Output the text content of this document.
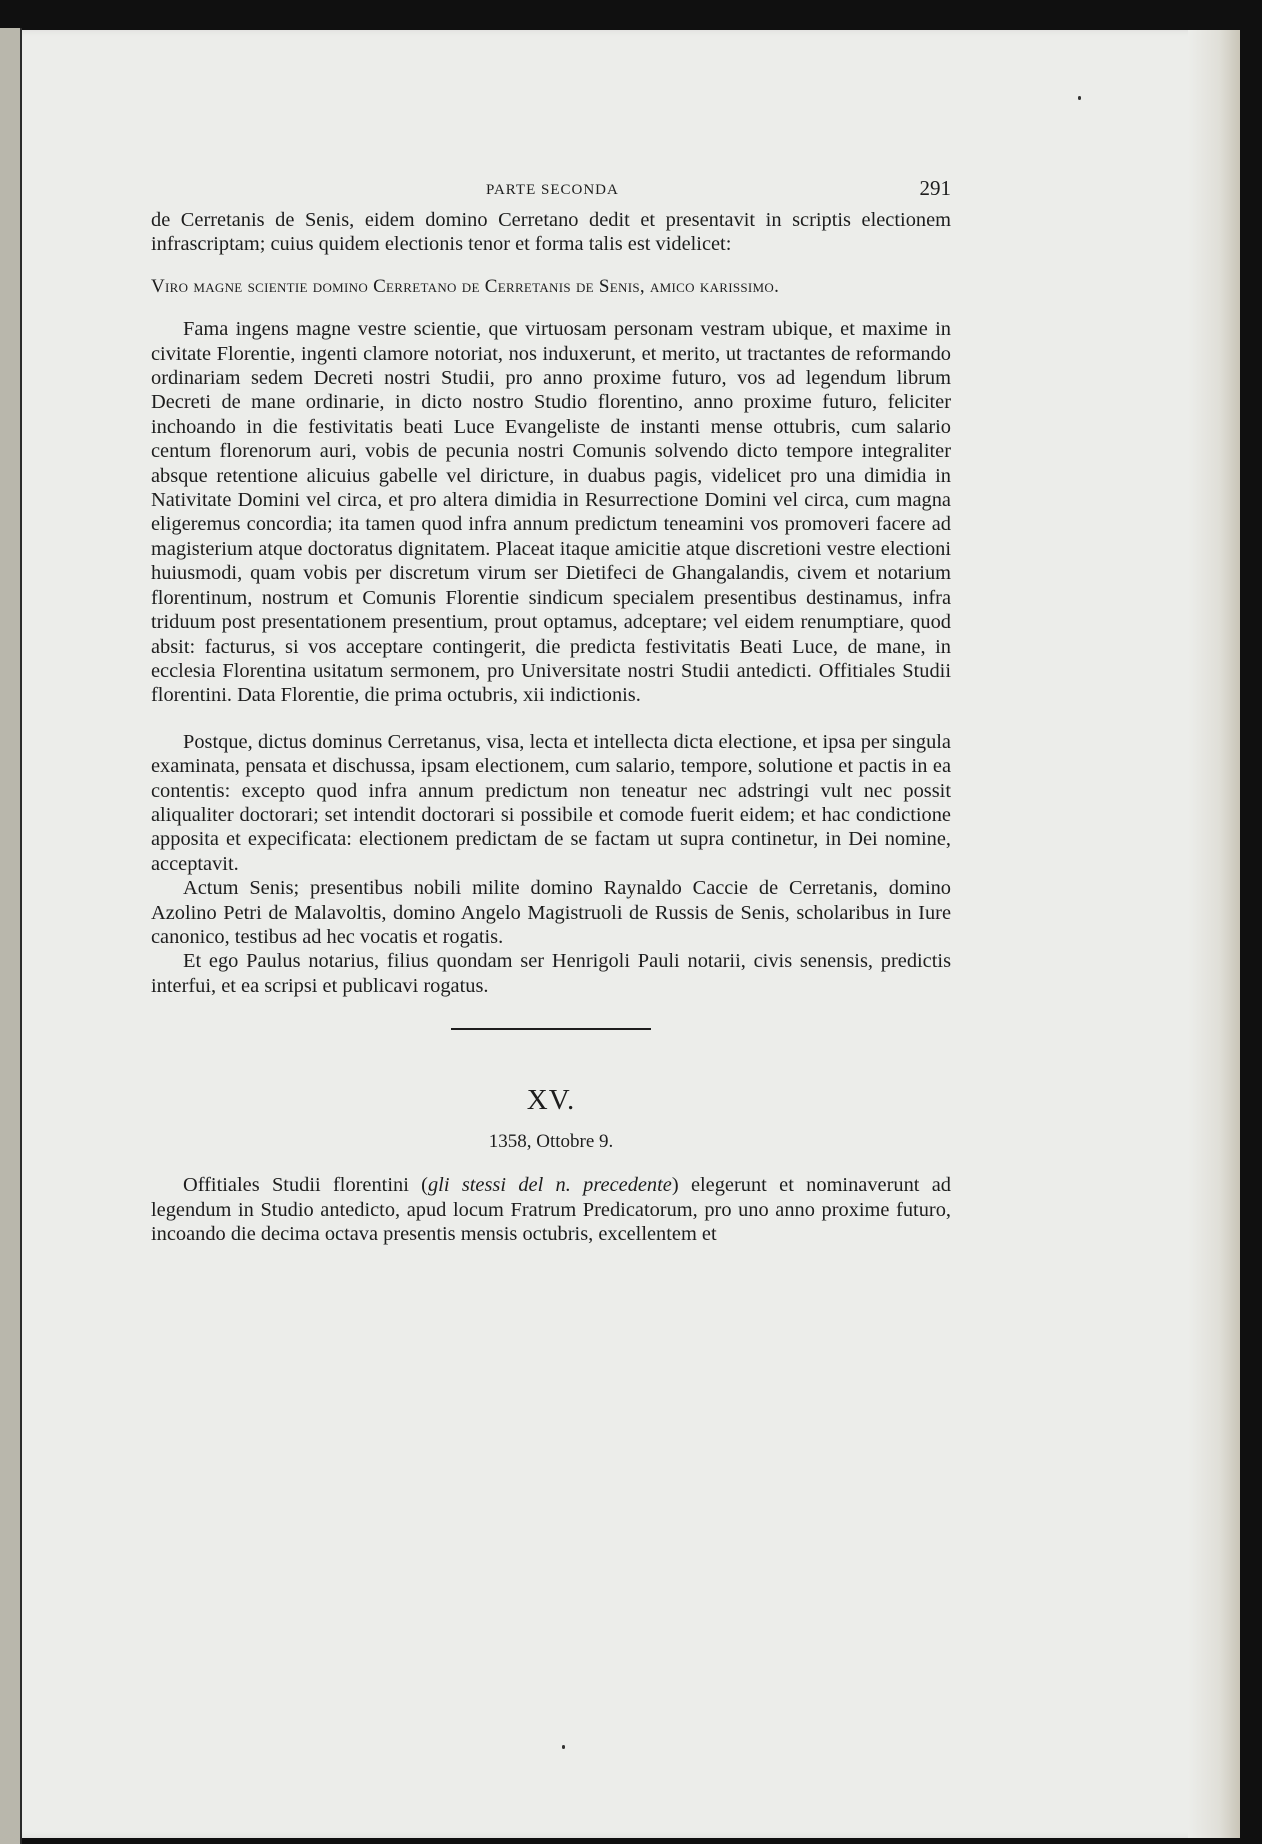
PARTE SECONDA	291

de Cerretanis de Senis, eidem domino Cerretano dedit et presentavit in scriptis electionem infrascriptam; cuius quidem electionis tenor et forma talis est videlicet:

Viro magne scientie domino Cerretano de Cerretanis de Senis, amico karissimo.

Fama ingens magne vestre scientie, que virtuosam personam vestram ubique, et maxime in civitate Florentie, ingenti clamore notoriat, nos induxerunt, et merito, ut tractantes de reformando ordinariam sedem Decreti nostri Studii, pro anno proxime futuro, vos ad legendum librum Decreti de mane ordinarie, in dicto nostro Studio florentino, anno proxime futuro, feliciter inchoando in die festivitatis beati Luce Evangeliste de instanti mense ottubris, cum salario centum florenorum auri, vobis de pecunia nostri Comunis solvendo dicto tempore integraliter absque retentione alicuius gabelle vel diricture, in duabus pagis, videlicet pro una dimidia in Nativitate Domini vel circa, et pro altera dimidia in Resurrectione Domini vel circa, cum magna eligeremus concordia; ita tamen quod infra annum predictum teneamini vos promoveri facere ad magisterium atque doctoratus dignitatem. Placeat itaque amicitie atque discretioni vestre electioni huiusmodi, quam vobis per discretum virum ser Dietifeci de Ghangalandis, civem et notarium florentinum, nostrum et Comunis Florentie sindicum specialem presentibus destinamus, infra triduum post presentationem presentium, prout optamus, adceptare; vel eidem renumptiare, quod absit: facturus, si vos acceptare contingerit, die predicta festivitatis Beati Luce, de mane, in ecclesia Florentina usitatum sermonem, pro Universitate nostri Studii antedicti. Offitiales Studii florentini. Data Florentie, die prima octubris, xii indictionis.

Postque, dictus dominus Cerretanus, visa, lecta et intellecta dicta electione, et ipsa per singula examinata, pensata et dischussa, ipsam electionem, cum salario, tempore, solutione et pactis in ea contentis: excepto quod infra annum predictum non teneatur nec adstringi vult nec possit aliqualiter doctorari; set intendit doctorari si possibile et comode fuerit eidem; et hac condictione apposita et expecificata: electionem predictam de se factam ut supra continetur, in Dei nomine, acceptavit.

Actum Senis; presentibus nobili milite domino Raynaldo Caccie de Cerretanis, domino Azolino Petri de Malavoltis, domino Angelo Magistruoli de Russis de Senis, scholaribus in Iure canonico, testibus ad hec vocatis et rogatis.

Et ego Paulus notarius, filius quondam ser Henrigoli Pauli notarii, civis senensis, predictis interfui, et ea scripsi et publicavi rogatus.

XV.
1358, Ottobre 9.

Offitiales Studii florentini (gli stessi del n. precedente) elegerunt et nominaverunt ad legendum in Studio antedicto, apud locum Fratrum Predicatorum, pro uno anno proxime futuro, incoando die decima octava presentis mensis octubris, excellentem et
